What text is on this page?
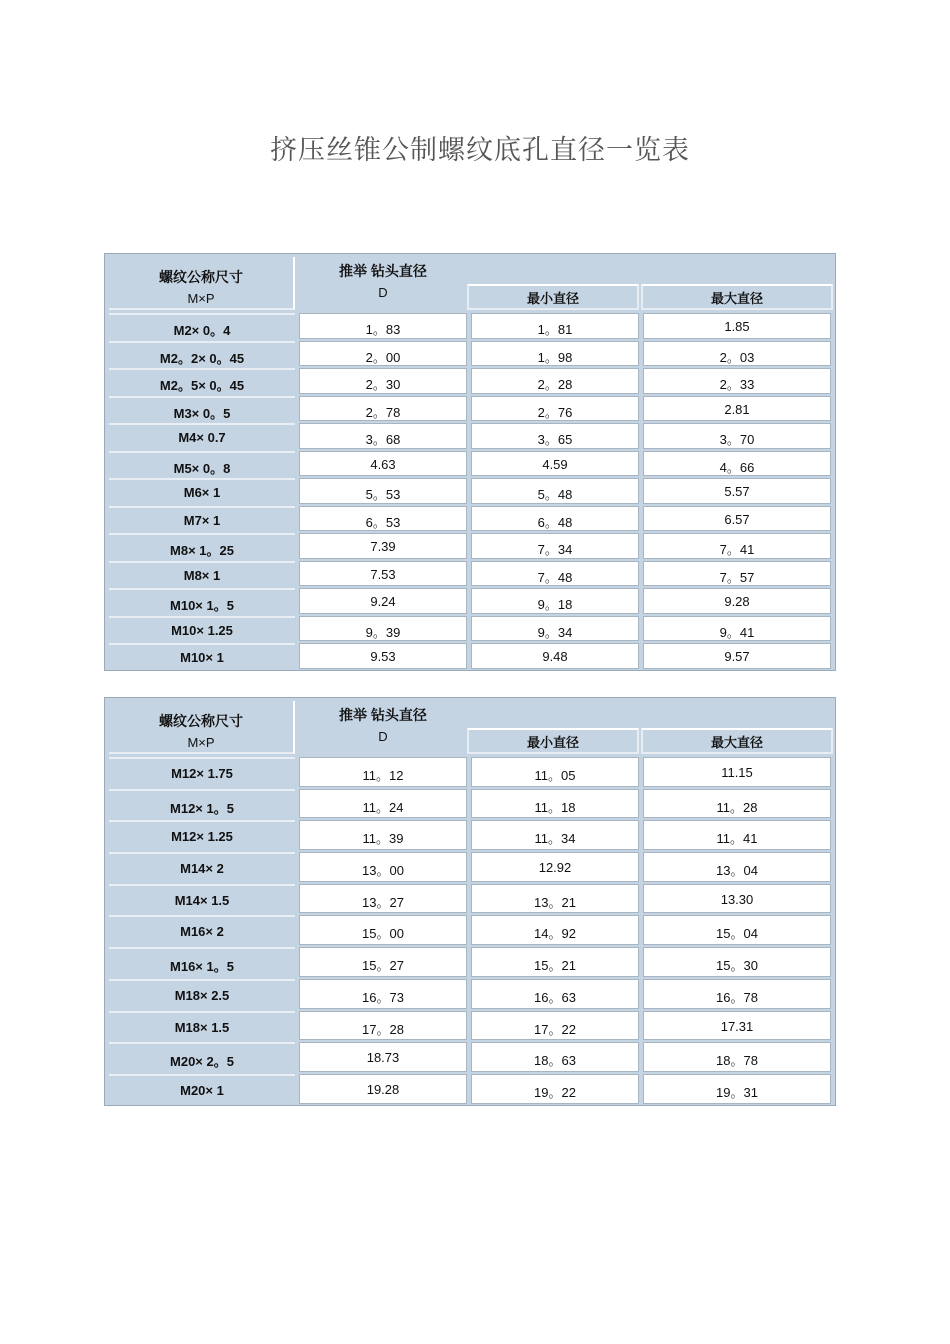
挤压丝锥公制螺纹底孔直径一览表
螺纹公称尺寸
M×P
推举 钻头直径
D	最小直径	最大直径
M2× 0。4	1。83	1。81	1.85
M2。2× 0。45	2。00	1。98	2。03
M2。5× 0。45	2。30	2。28	2。33
M3× 0。5	2。78	2。76	2.81
M4× 0.7	3。68	3。65	3。70
M5× 0。8	4.63	4.59	4。66
M6× 1	5。53	5。48	5.57
M7× 1	6。53	6。48	6.57
M8× 1。25	7.39	7。34	7。41
M8× 1	7.53	7。48	7。57
M10× 1。5	9.24	9。18	9.28
M10× 1.25	9。39	9。34	9。41
M10× 1	9.53	9.48	9.57
螺纹公称尺寸
M×P
推举 钻头直径
D	最小直径	最大直径
M12× 1.75	11。12	11。05	11.15
M12× 1。5	11。24	11。18	11。28
M12× 1.25	11。39	11。34	11。41
M14× 2	13。00	12.92	13。04
M14× 1.5	13。27	13。21	13.30
M16× 2	15。00	14。92	15。04
M16× 1。5	15。27	15。21	15。30
M18× 2.5	16。73	16。63	16。78
M18× 1.5	17。28	17。22	17.31
M20× 2。5	18.73	18。63	18。78
M20× 1	19.28	19。22	19。31
